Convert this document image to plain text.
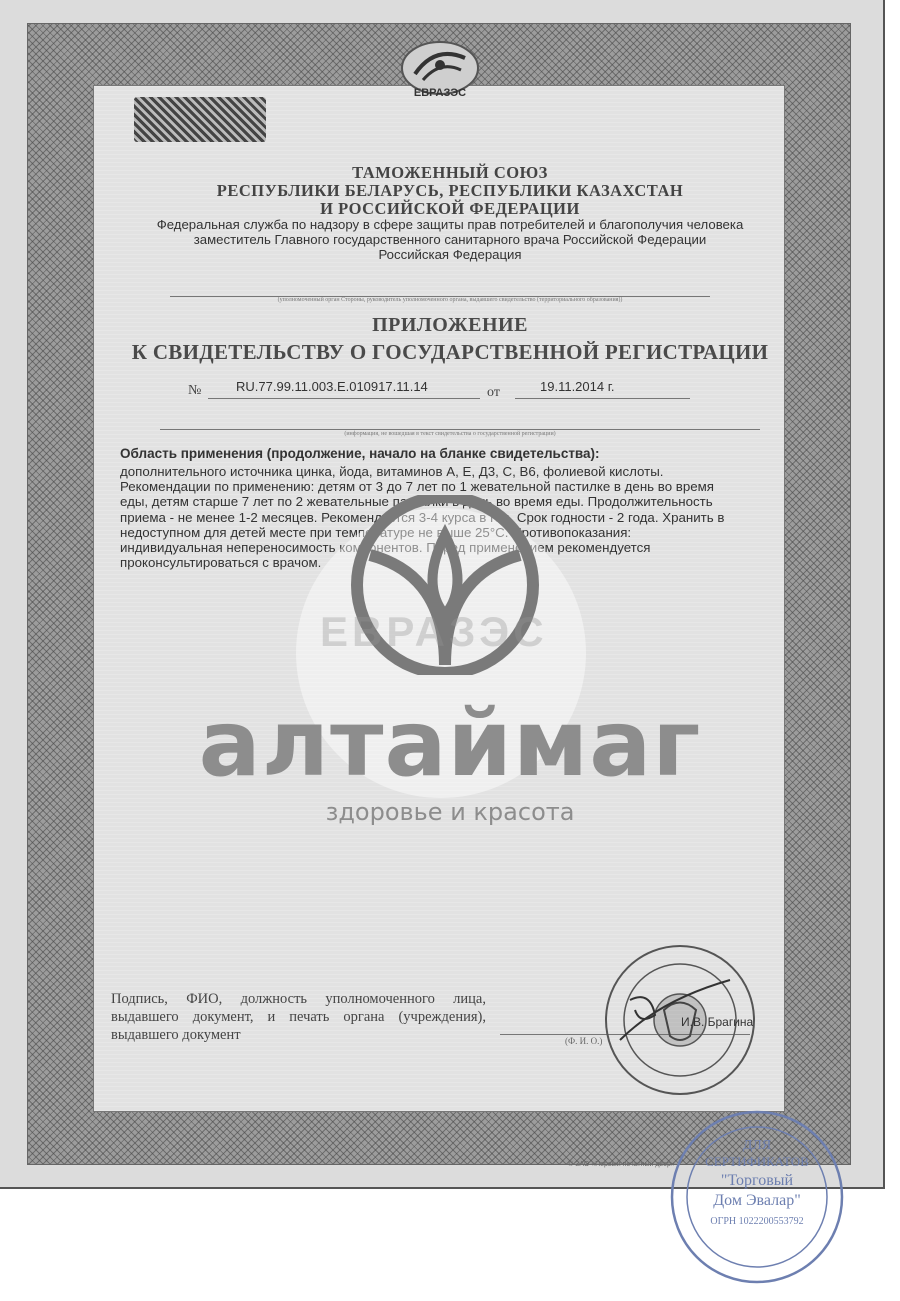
ЕВРАЗЭС
ТАМОЖЕННЫЙ СОЮЗ
РЕСПУБЛИКИ БЕЛАРУСЬ, РЕСПУБЛИКИ КАЗАХСТАН
И РОССИЙСКОЙ ФЕДЕРАЦИИ
Федеральная служба по надзору в сфере защиты прав потребителей и благополучия человека
заместитель Главного государственного санитарного врача Российской Федерации
Российская Федерация
(уполномоченный орган Стороны, руководитель уполномоченного органа, выдавшего свидетельство (территориального образования))
ПРИЛОЖЕНИЕ
К СВИДЕТЕЛЬСТВУ О ГОСУДАРСТВЕННОЙ РЕГИСТРАЦИИ
№	RU.77.99.11.003.E.010917.11.14	от	19.11.2014 г.
(информация, не вошедшая в текст свидетельства о государственной регистрации)
Область применения (продолжение, начало на бланке свидетельства):
дополнительного источника цинка, йода, витаминов А, Е, Д3, С, В6, фолиевой кислоты.
Рекомендации по применению: детям от 3 до 7 лет по 1 жевательной пастилке в день во время
еды, детям старше 7 лет по 2 жевательные пастилки в день во время еды. Продолжительность
приема - не менее 1-2 месяцев. Рекомендуется 3-4 курса в год. Срок годности - 2 года. Хранить в
недоступном для детей месте при температуре не выше 25°С. Противопоказания:
индивидуальная непереносимость компонентов. Перед применением рекомендуется
проконсультироваться с врачом.
ЕВРАЗЭС
алтаймаг
здоровье и красота
Подпись, ФИО, должность уполномоченного лица, выдавшего документ, и печать органа (учреждения), выдавшего документ	(Ф. И. О.)
И.В. Брагина
© ЗАО «Первый печатный двор»
ДЛЯ
СЕРТИФИКАТОВ
"Торговый
Дом Эвалар"
ОГРН 1022200553792
